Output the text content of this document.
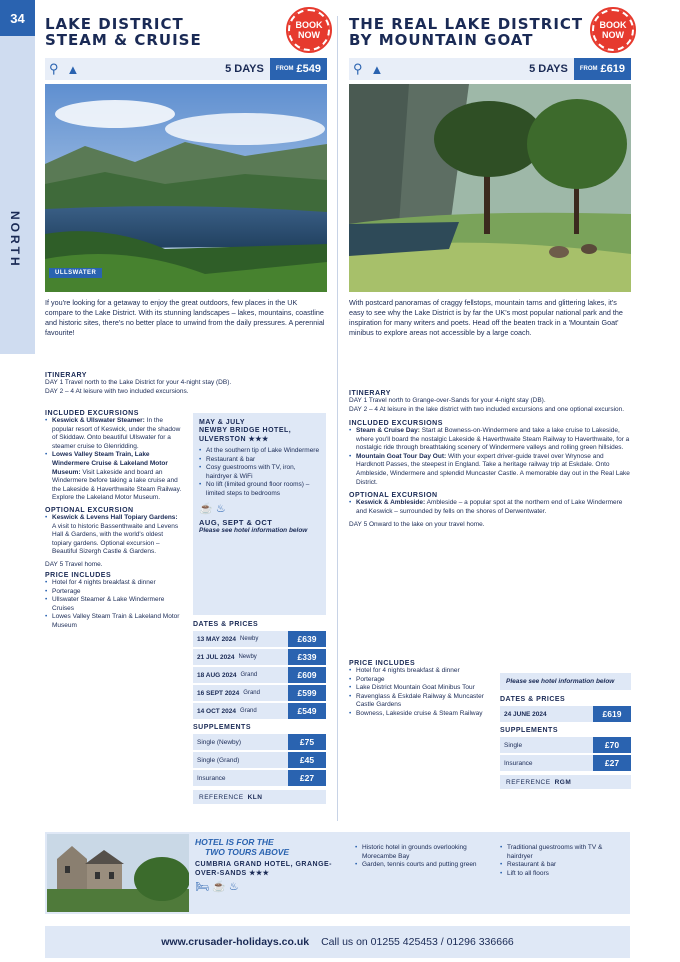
34
NORTH
LAKE DISTRICT
STEAM & CRUISE
BOOK
NOW
⚲ ▲	5 DAYS FROM £549
ULLSWATER
If you're looking for a getaway to enjoy the great outdoors, few places in the UK compare to the Lake District. With its stunning landscapes – lakes, mountains, coastline and historic sites, there's no better place to unwind from the daily pressures. A perennial favourite!
ITINERARY
DAY 1 Travel north to the Lake District for your 4-night stay (DB).
DAY 2 – 4 At leisure with two included excursions.
INCLUDED EXCURSIONS
• Keswick & Ullswater Steamer: In the popular resort of Keswick, under the shadow of Skiddaw. Onto beautiful Ullswater for a steamer cruise to Glenridding.
• Lowes Valley Steam Train, Lake Windermere Cruise & Lakeland Motor Museum: Visit Lakeside and board an Windermere before taking a lake cruise and the Lakeside & Haverthwaite Steam Railway. Explore the Lakeland Motor Museum.
OPTIONAL EXCURSION
• Keswick & Levens Hall Topiary Gardens: A visit to historic Bassenthwaite and Levens Hall & Gardens, with the world's oldest topiary gardens. Optional excursion – Beautiful Sizergh Castle & Gardens.
DAY 5 Travel home.
PRICE INCLUDES
• Hotel for 4 nights breakfast & dinner
• Porterage
• Ullswater Steamer & Lake Windermere Cruises
• Lowes Valley Steam Train & Lakeland Motor Museum
MAY & JULY
NEWBY BRIDGE HOTEL, ULVERSTON ★★★
• At the southern tip of Lake Windermere
• Restaurant & bar
• Cosy guestrooms with TV, iron, hairdryer & WiFi
• No lift (limited ground floor rooms) – limited steps to bedrooms
☕ ♨
AUG, SEPT & OCT
Please see hotel information below
DATES & PRICES
13 MAY 2024 Newby	£639
21 JUL 2024 Newby	£339
18 AUG 2024 Grand	£609
16 SEPT 2024 Grand	£599
14 OCT 2024 Grand	£549
SUPPLEMENTS
Single (Newby)	£75
Single (Grand)	£45
Insurance	£27
REFERENCE KLN
THE REAL LAKE DISTRICT
BY MOUNTAIN GOAT
BOOK
NOW
⚲ ▲	5 DAYS FROM £619
With postcard panoramas of craggy fellstops, mountain tarns and glittering lakes, it's easy to see why the Lake District is by far the UK's most popular national park and the inspiration for many writers and poets. Head off the beaten track in a 'Mountain Goat' minibus to explore areas not accessible by a large coach.
ITINERARY
DAY 1 Travel north to Grange-over-Sands for your 4-night stay (DB).
DAY 2 – 4 At leisure in the lake district with two included excursions and one optional excursion.
INCLUDED EXCURSIONS
• Steam & Cruise Day: Start at Bowness-on-Windermere and take a lake cruise to Lakeside, where you'll board the nostalgic Lakeside & Haverthwaite Steam Railway to Haverthwaite, for a nostalgic ride through breathtaking scenery of Windermere valleys and rolling green hillsides.
• Mountain Goat Tour Day Out: With your expert driver-guide travel over Wrynose and Hardknott Passes, the steepest in England. Take a heritage railway trip at Eskdale. Onto Ambleside, Windermere and splendid Muncaster Castle. A memorable day out in the Real Lake District.
OPTIONAL EXCURSION
• Keswick & Ambleside: Ambleside – a popular spot at the northern end of Lake Windermere and Keswick – surrounded by fells on the shores of Derwentwater.
DAY 5 Onward to the lake on your travel home.
PRICE INCLUDES
• Hotel for 4 nights breakfast & dinner
• Porterage
• Lake District Mountain Goat Minibus Tour
• Ravenglass & Eskdale Railway & Muncaster Castle Gardens
• Bowness, Lakeside cruise & Steam Railway
Please see hotel information below
DATES & PRICES
24 JUNE 2024	£619
SUPPLEMENTS
Single	£70
Insurance	£27
REFERENCE RGM
HOTEL IS FOR THE
TWO TOURS ABOVE
CUMBRIA GRAND HOTEL, GRANGE-OVER-SANDS ★★★
🛏 ☕ ♨
• Historic hotel in grounds overlooking Morecambe Bay
• Garden, tennis courts and putting green
• Traditional guestrooms with TV & hairdryer
• Restaurant & bar
• Lift to all floors
www.crusader-holidays.co.uk Call us on 01255 425453 / 01296 336666
